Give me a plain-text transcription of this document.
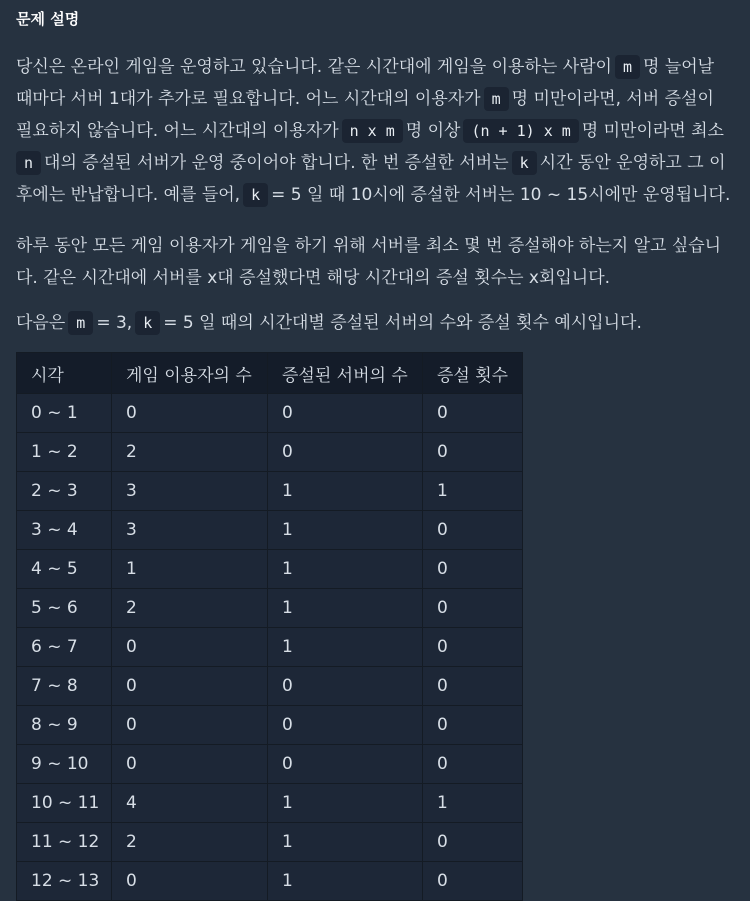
문제 설명
당신은 온라인 게임을 운영하고 있습니다. 같은 시간대에 게임을 이용하는 사람이 m 명 늘어날
때마다 서버 1대가 추가로 필요합니다. 어느 시간대의 이용자가 m 명 미만이라면, 서버 증설이
필요하지 않습니다. 어느 시간대의 이용자가 n x m 명 이상 (n + 1) x m 명 미만이라면 최소
n 대의 증설된 서버가 운영 중이어야 합니다. 한 번 증설한 서버는 k 시간 동안 운영하고 그 이
후에는 반납합니다. 예를 들어, k = 5 일 때 10시에 증설한 서버는 10 ~ 15시에만 운영됩니다.
하루 동안 모든 게임 이용자가 게임을 하기 위해 서버를 최소 몇 번 증설해야 하는지 알고 싶습니
다. 같은 시간대에 서버를 x대 증설했다면 해당 시간대의 증설 횟수는 x회입니다.
다음은 m = 3, k = 5 일 때의 시간대별 증설된 서버의 수와 증설 횟수 예시입니다.
시각	게임 이용자의 수	증설된 서버의 수	증설 횟수
0 ~ 1	0	0	0
1 ~ 2	2	0	0
2 ~ 3	3	1	1
3 ~ 4	3	1	0
4 ~ 5	1	1	0
5 ~ 6	2	1	0
6 ~ 7	0	1	0
7 ~ 8	0	0	0
8 ~ 9	0	0	0
9 ~ 10	0	0	0
10 ~ 11	4	1	1
11 ~ 12	2	1	0
12 ~ 13	0	1	0
